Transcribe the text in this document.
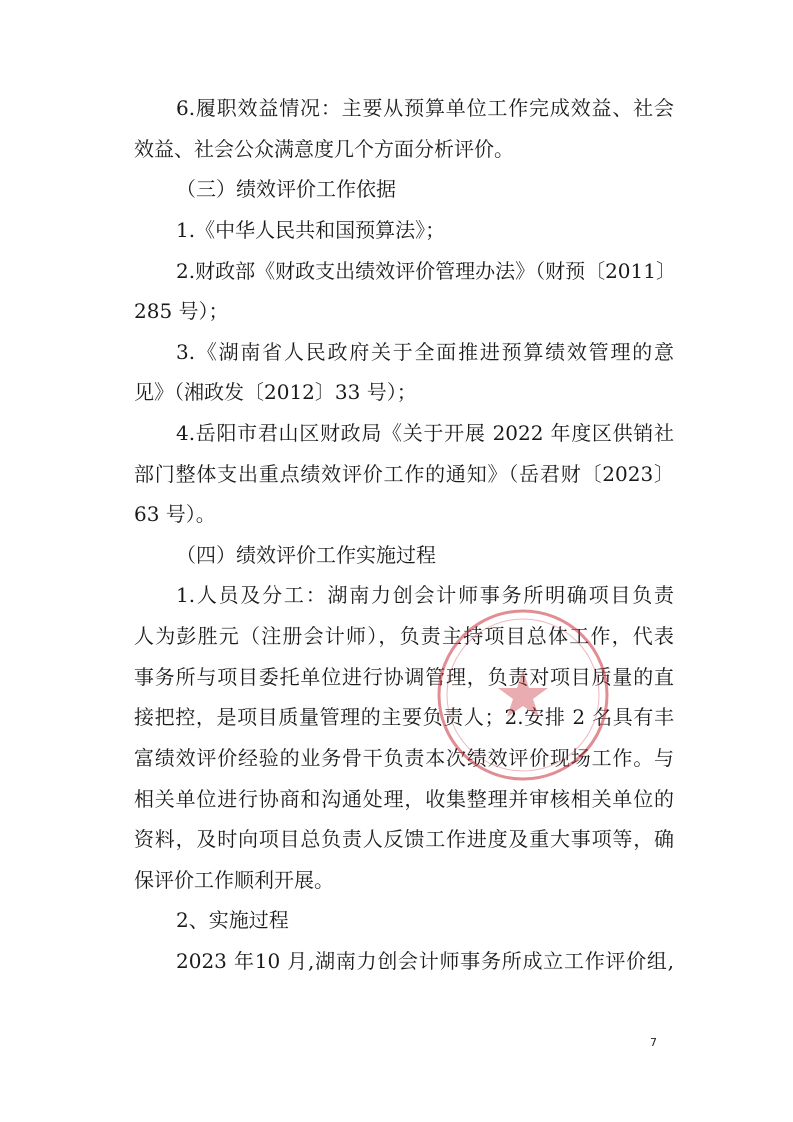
6.履职效益情况：主要从预算单位工作完成效益、社会
效益、社会公众满意度几个方面分析评价。
（三）绩效评价工作依据
1.《中华人民共和国预算法》；
2.财政部《财政支出绩效评价管理办法》（财预〔2011〕
285 号）；
3.《湖南省人民政府关于全面推进预算绩效管理的意
见》（湘政发〔2012〕33 号）；
4.岳阳市君山区财政局《关于开展 2022 年度区供销社
部门整体支出重点绩效评价工作的通知》（岳君财〔2023〕
63 号）。
（四）绩效评价工作实施过程
1.人员及分工：湖南力创会计师事务所明确项目负责
人为彭胜元（注册会计师），负责主持项目总体工作，代表
事务所与项目委托单位进行协调管理，负责对项目质量的直
接把控，是项目质量管理的主要负责人；2.安排 2 名具有丰
富绩效评价经验的业务骨干负责本次绩效评价现场工作。与
相关单位进行协商和沟通处理，收集整理并审核相关单位的
资料，及时向项目总负责人反馈工作进度及重大事项等，确
保评价工作顺利开展。
2、实施过程
2023 年10 月,湖南力创会计师事务所成立工作评价组,
7
